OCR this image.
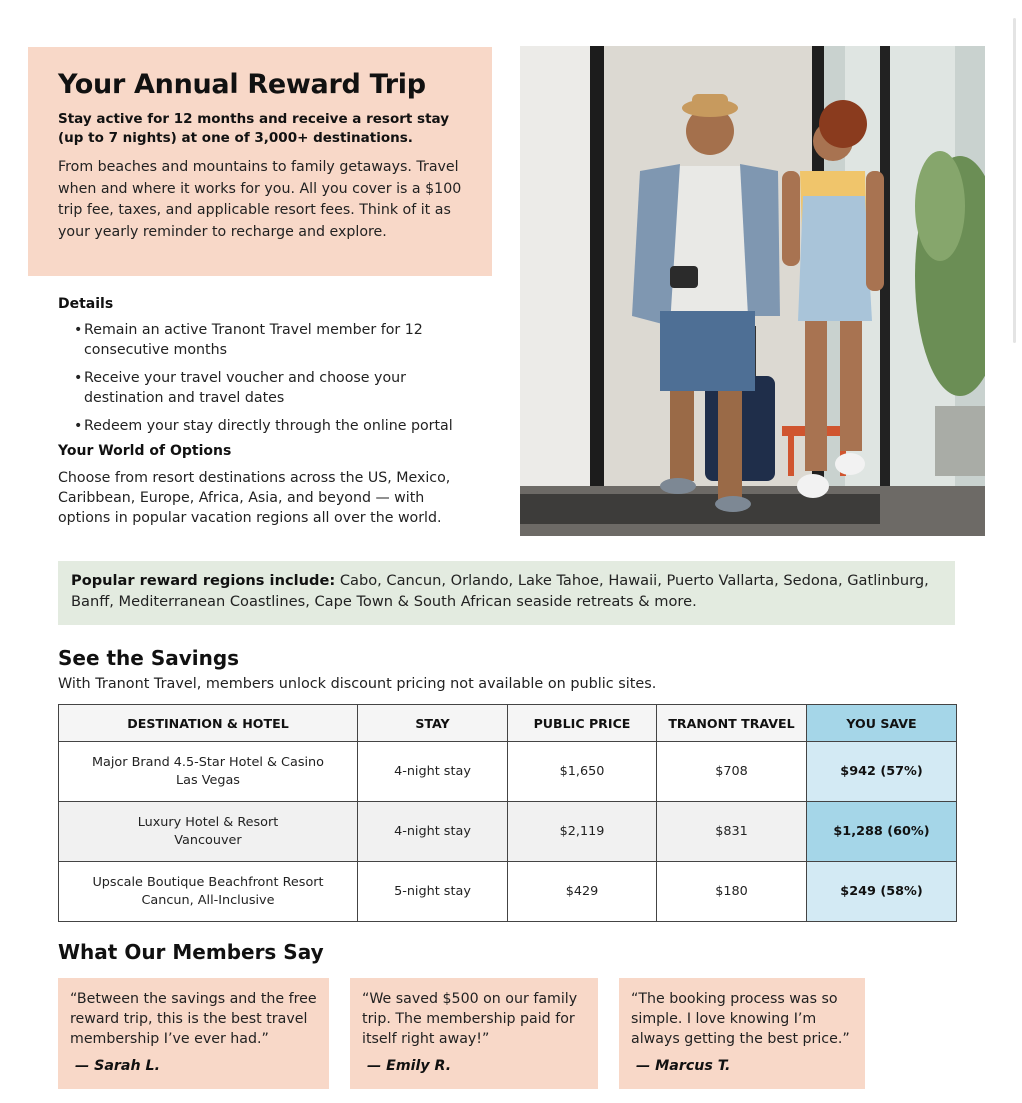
Your Annual Reward Trip

Stay active for 12 months and receive a resort stay (up to 7 nights) at one of 3,000+ destinations.

From beaches and mountains to family getaways. Travel when and where it works for you. All you cover is a $100 trip fee, taxes, and applicable resort fees. Think of it as your yearly reminder to recharge and explore.

Details
• Remain an active Tranont Travel member for 12 consecutive months
• Receive your travel voucher and choose your destination and travel dates
• Redeem your stay directly through the online portal
Your World of Options

Choose from resort destinations across the US, Mexico, Caribbean, Europe, Africa, Asia, and beyond — with options in popular vacation regions all over the world.

Popular reward regions include: Cabo, Cancun, Orlando, Lake Tahoe, Hawaii, Puerto Vallarta, Sedona, Gatlinburg, Banff, Mediterranean Coastlines, Cape Town & South African seaside retreats & more.
See the Savings

With Tranont Travel, members unlock discount pricing not available on public sites.

DESTINATION & HOTEL	STAY	PUBLIC PRICE	TRANONT TRAVEL	YOU SAVE
Major Brand 4.5-Star Hotel & Casino
Las Vegas	4-night stay	$1,650	$708	$942 (57%)
Luxury Hotel & Resort
Vancouver	4-night stay	$2,119	$831	$1,288 (60%)
Upscale Boutique Beachfront Resort
Cancun, All-Inclusive	5-night stay	$429	$180	$249 (58%)
What Our Members Say

“Between the savings and the free reward trip, this is the best travel membership I’ve ever had.”

— Sarah L.

“We saved $500 on our family trip. The membership paid for itself right away!”

— Emily R.

“The booking process was so simple. I love knowing I’m always getting the best price.”

— Marcus T.
